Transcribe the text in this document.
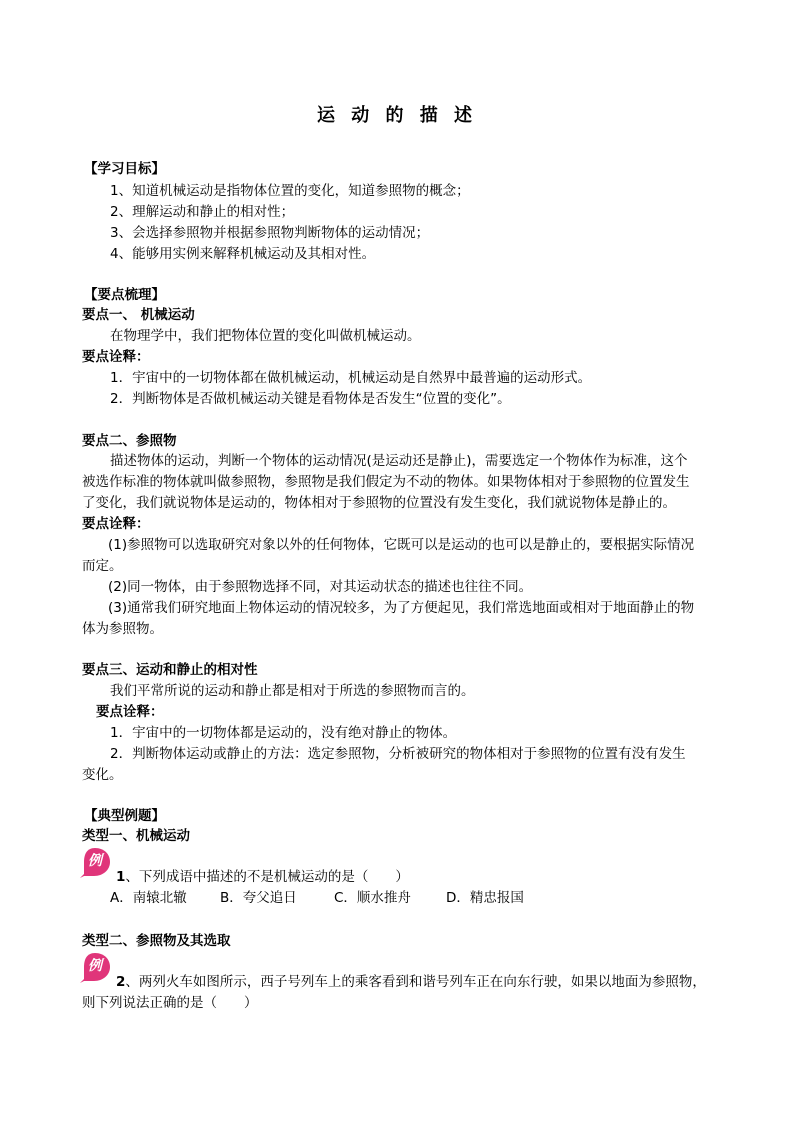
运 动 的 描 述
【学习目标】
1、知道机械运动是指物体位置的变化，知道参照物的概念；
2、理解运动和静止的相对性；
3、会选择参照物并根据参照物判断物体的运动情况；
4、能够用实例来解释机械运动及其相对性。
【要点梳理】
要点一、 机械运动
在物理学中，我们把物体位置的变化叫做机械运动。
要点诠释：
1．宇宙中的一切物体都在做机械运动，机械运动是自然界中最普遍的运动形式。
2．判断物体是否做机械运动关键是看物体是否发生“位置的变化”。
要点二、参照物
描述物体的运动，判断一个物体的运动情况(是运动还是静止)，需要选定一个物体作为标准，这个
被选作标准的物体就叫做参照物，参照物是我们假定为不动的物体。如果物体相对于参照物的位置发生
了变化，我们就说物体是运动的，物体相对于参照物的位置没有发生变化，我们就说物体是静止的。
要点诠释：
(1)参照物可以选取研究对象以外的任何物体，它既可以是运动的也可以是静止的，要根据实际情况
而定。
(2)同一物体，由于参照物选择不同，对其运动状态的描述也往往不同。
(3)通常我们研究地面上物体运动的情况较多，为了方便起见，我们常选地面或相对于地面静止的物
体为参照物。
要点三、运动和静止的相对性
我们平常所说的运动和静止都是相对于所选的参照物而言的。
要点诠释：
1．宇宙中的一切物体都是运动的，没有绝对静止的物体。
2．判断物体运动或静止的方法：选定参照物，分析被研究的物体相对于参照物的位置有没有发生
变化。
【典型例题】
类型一、机械运动
例
1、下列成语中描述的不是机械运动的是（　　）
A．南辕北辙 B．夸父追日	C．顺水推舟	D．精忠报国
类型二、参照物及其选取
例
2、两列火车如图所示，西子号列车上的乘客看到和谐号列车正在向东行驶，如果以地面为参照物，
则下列说法正确的是（　　）
